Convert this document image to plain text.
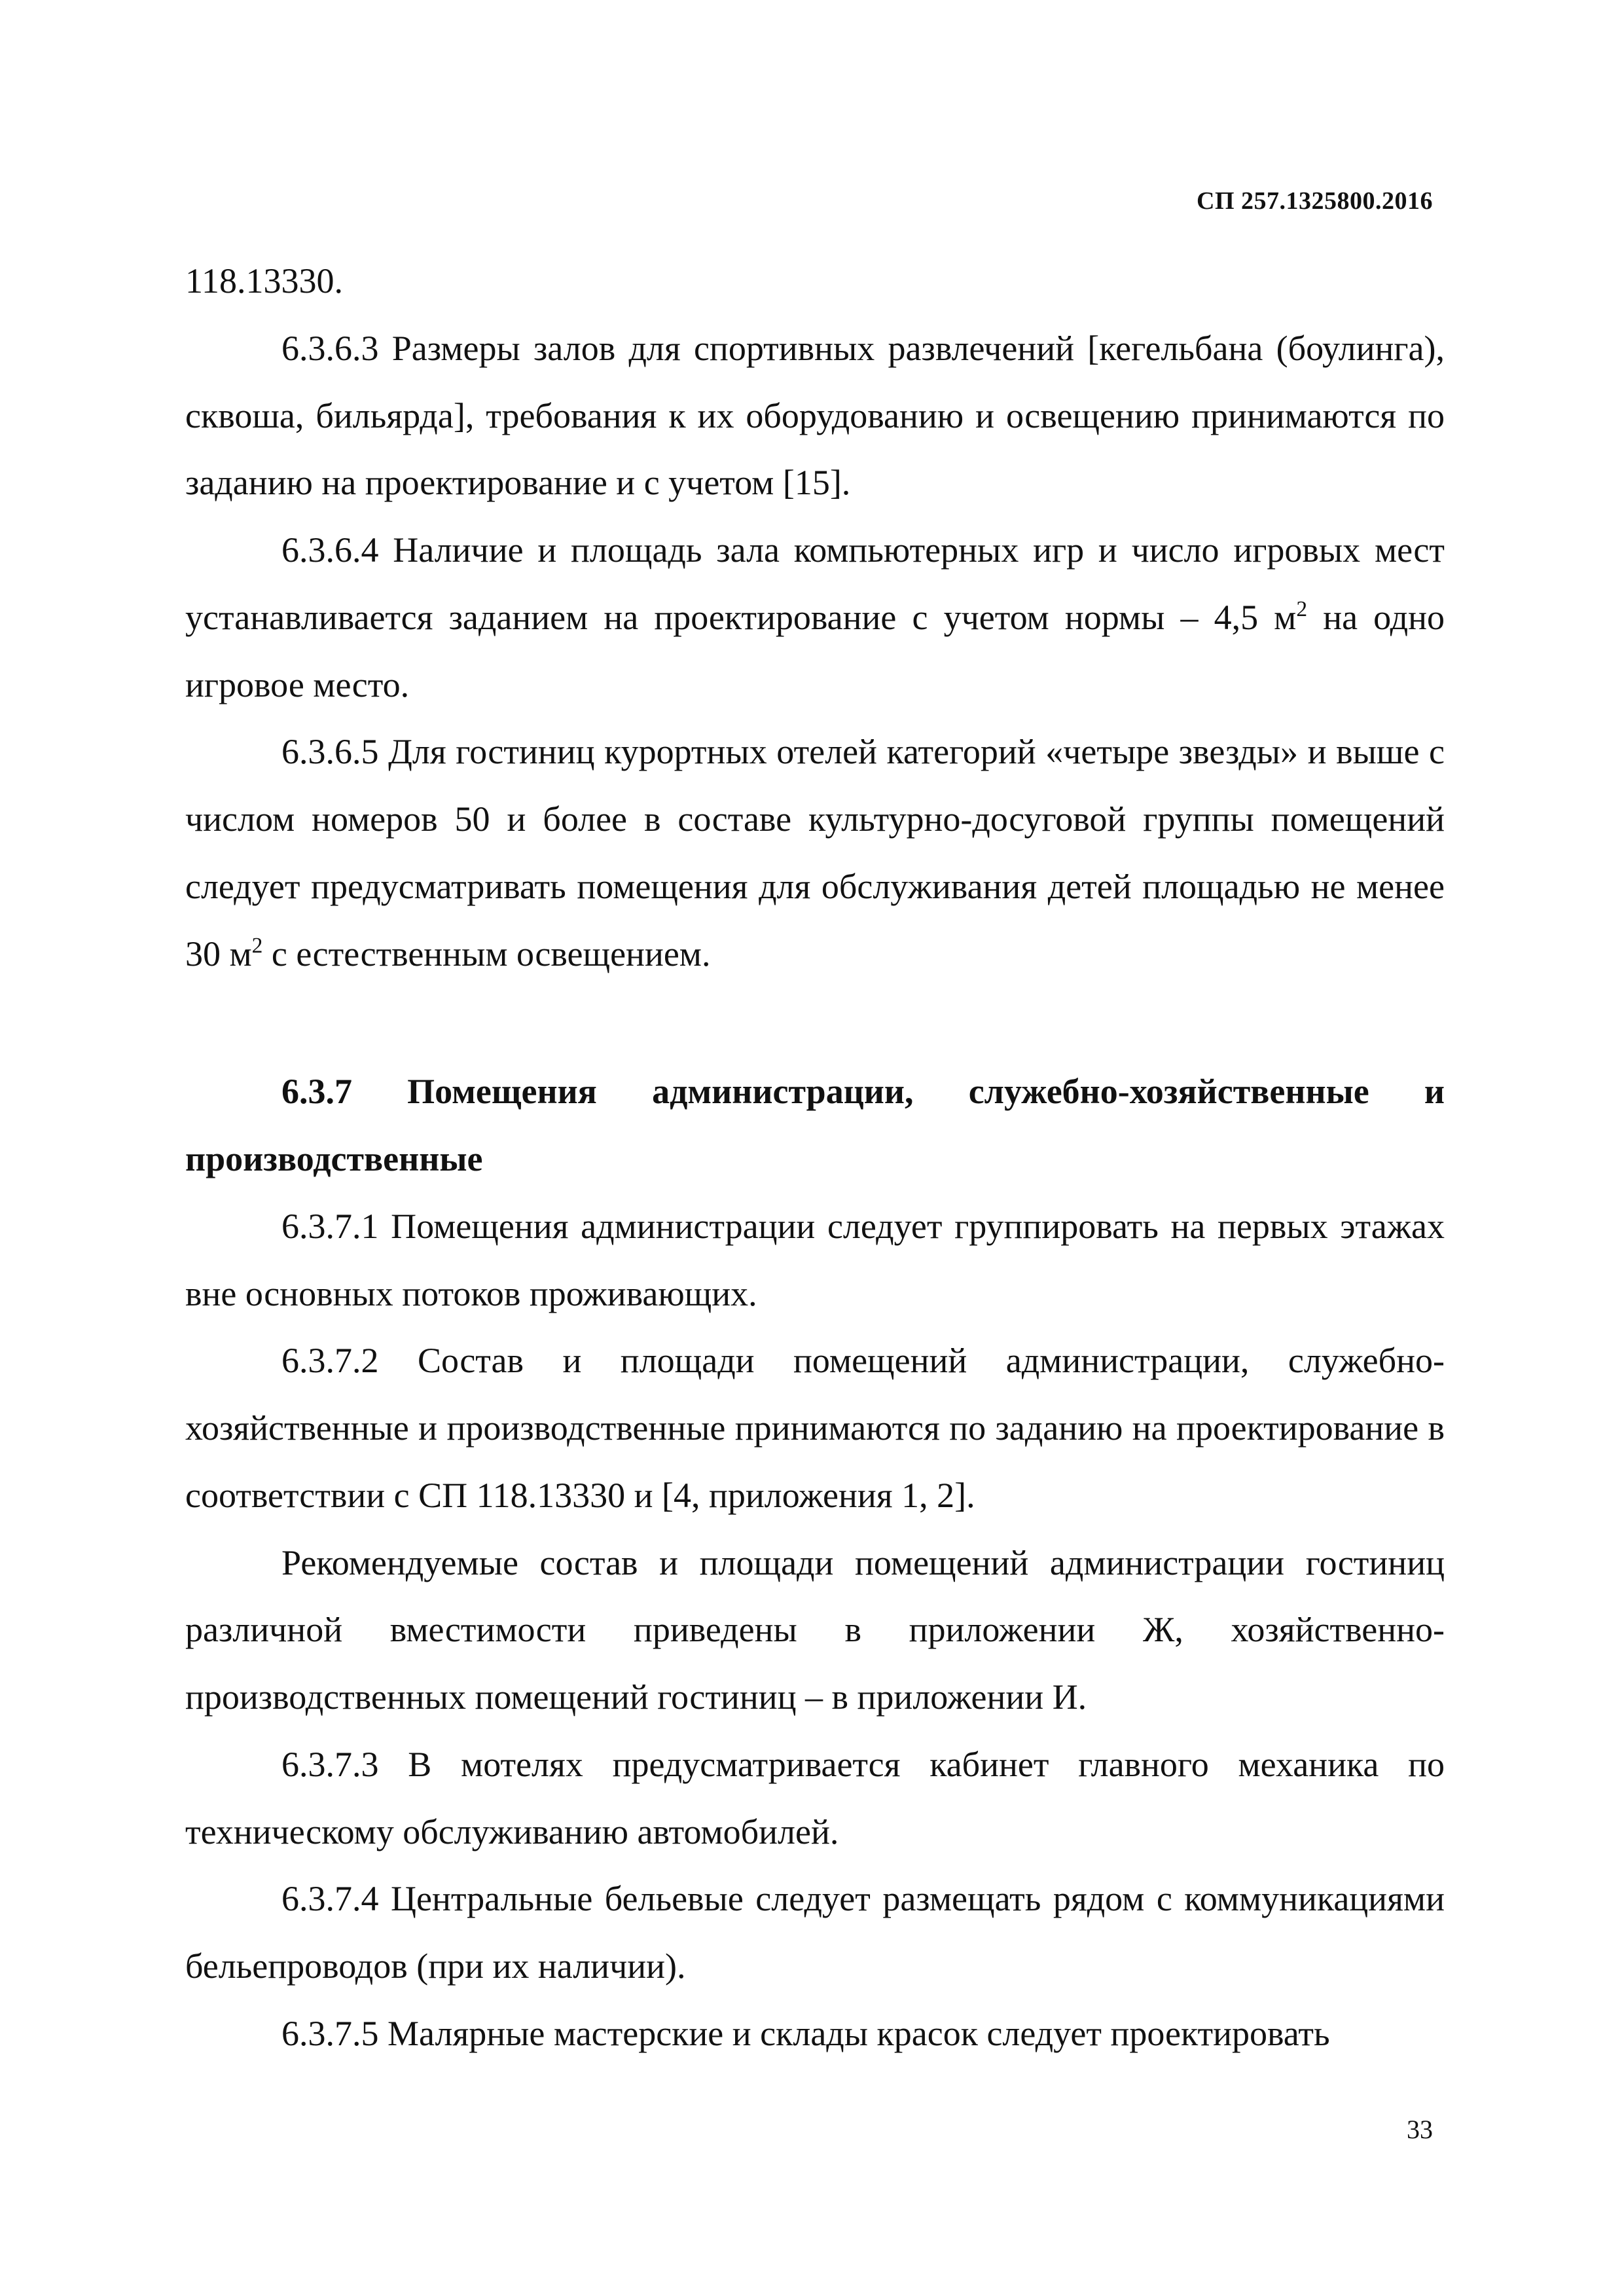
СП 257.1325800.2016

118.13330.

6.3.6.3 Размеры залов для спортивных развлечений [кегельбана (боулинга), сквоша, бильярда], требования к их оборудованию и освещению принимаются по заданию на проектирование и с учетом [15].

6.3.6.4 Наличие и площадь зала компьютерных игр и число игровых мест устанавливается заданием на проектирование с учетом нормы – 4,5 $м^2$ на одно игровое место.

6.3.6.5 Для гостиниц курортных отелей категорий «четыре звезды» и выше с числом номеров 50 и более в составе культурно-досуговой группы помещений следует предусматривать помещения для обслуживания детей площадью не менее 30 $м^2$ с естественным освещением.

6.3.7 Помещения администрации, служебно-хозяйственные и производственные

6.3.7.1 Помещения администрации следует группировать на первых этажах вне основных потоков проживающих.

6.3.7.2 Состав и площади помещений администрации, служебно-хозяйственные и производственные принимаются по заданию на проектирование в соответствии с СП 118.13330 и [4, приложения 1, 2].

Рекомендуемые состав и площади помещений администрации гостиниц различной вместимости приведены в приложении Ж, хозяйственно-производственных помещений гостиниц – в приложении И.

6.3.7.3 В мотелях предусматривается кабинет главного механика по техническому обслуживанию автомобилей.

6.3.7.4 Центральные бельевые следует размещать рядом с коммуникациями бельепроводов (при их наличии).

6.3.7.5 Малярные мастерские и склады красок следует проектировать

33
